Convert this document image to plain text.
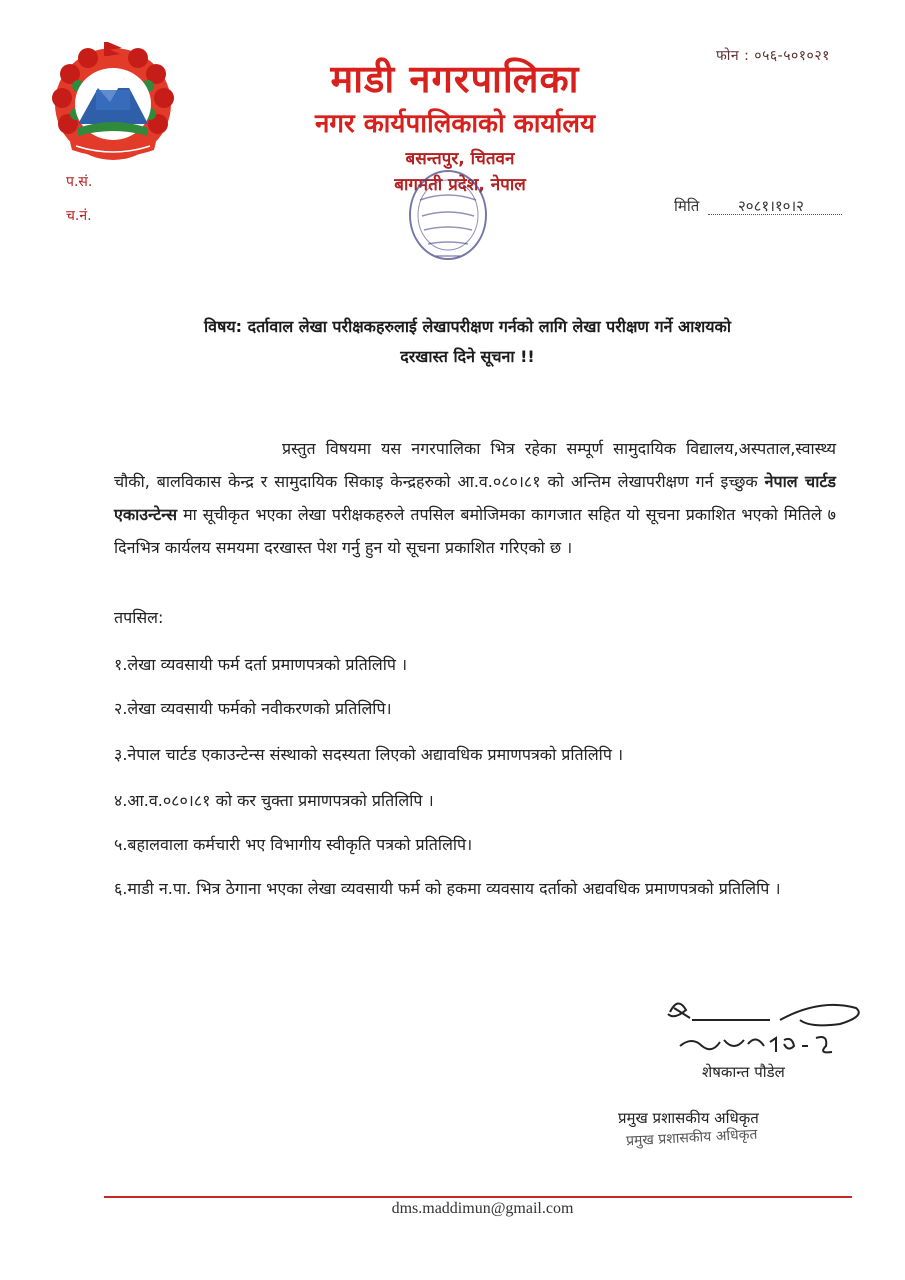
फोन : ०५६-५०१०२१
माडी नगरपालिका
नगर कार्यपालिकाको कार्यालय
बसन्तपुर, चितवन
बागमती प्रदेश, नेपाल
प.सं.
च.नं.
मिति	२०८१।१०।२
विषय: दर्तावाल लेखा परीक्षकहरुलाई लेखापरीक्षण गर्नको लागि लेखा परीक्षण गर्ने आशयको
दरखास्त दिने सूचना !!
प्रस्तुत विषयमा यस नगरपालिका भित्र रहेका सम्पूर्ण सामुदायिक विद्यालय,अस्पताल,स्वास्थ्य चौकी, बालविकास केन्द्र र सामुदायिक सिकाइ केन्द्रहरुको आ.व.०८०।८१ को अन्तिम लेखापरीक्षण गर्न इच्छुक नेपाल चार्टड एकाउन्टेन्स मा सूचीकृत भएका लेखा परीक्षकहरुले तपसिल बमोजिमका कागजात सहित यो सूचना प्रकाशित भएको मितिले ७ दिनभित्र कार्यलय समयमा दरखास्त पेश गर्नु हुन यो सूचना प्रकाशित गरिएको छ ।
तपसिल:
१.लेखा व्यवसायी फर्म दर्ता प्रमाणपत्रको प्रतिलिपि ।
२.लेखा व्यवसायी फर्मको नवीकरणको प्रतिलिपि।
३.नेपाल चार्टड एकाउन्टेन्स संस्थाको सदस्यता लिएको अद्यावधिक प्रमाणपत्रको प्रतिलिपि ।
४.आ.व.०८०।८१ को कर चुक्ता प्रमाणपत्रको प्रतिलिपि ।
५.बहालवाला कर्मचारी भए विभागीय स्वीकृति पत्रको प्रतिलिपि।
६.माडी न.पा. भित्र ठेगाना भएका लेखा व्यवसायी फर्म को हकमा व्यवसाय दर्ताको अद्यवधिक प्रमाणपत्रको प्रतिलिपि ।
शेषकान्त पौडेल
प्रमुख प्रशासकीय अधिकृत
प्रमुख प्रशासकीय अधिकृत
dms.maddimun@gmail.com
